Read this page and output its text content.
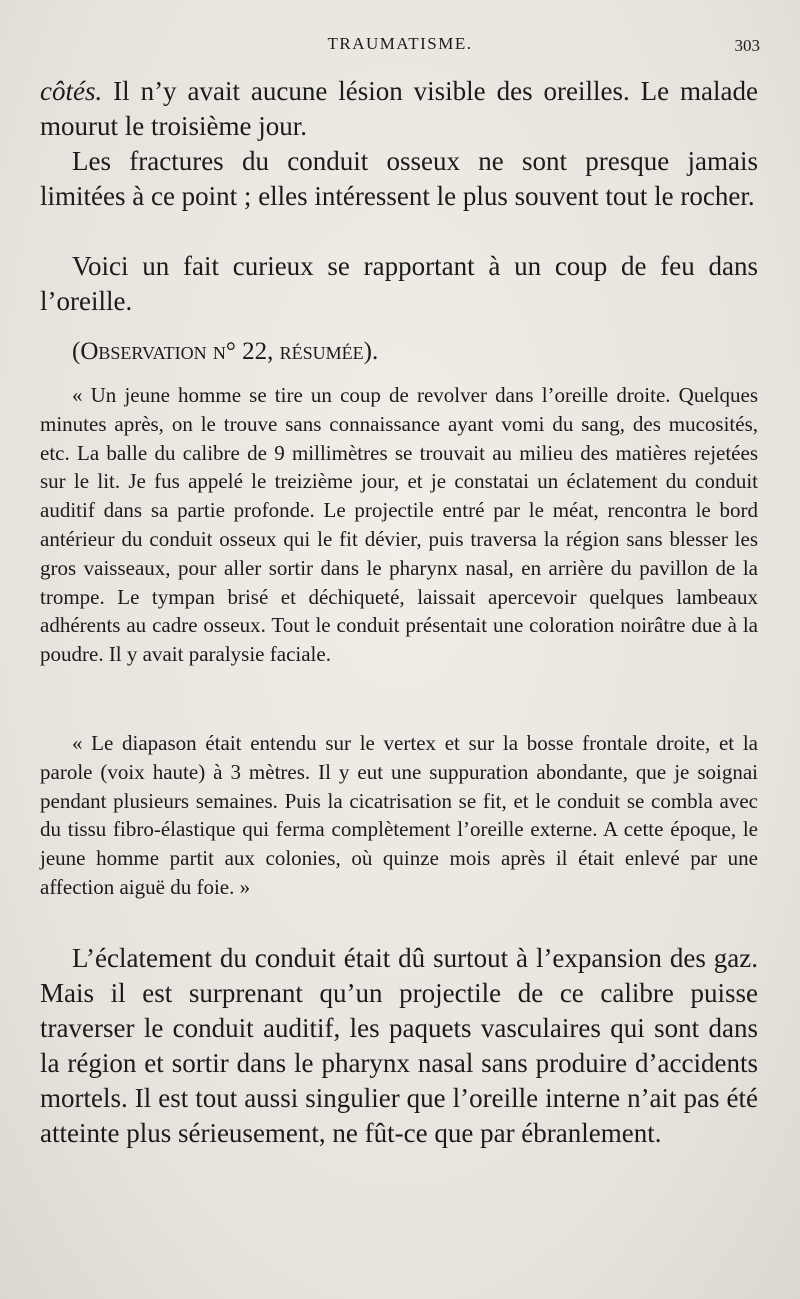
TRAUMATISME.	303

côtés. Il n’y avait aucune lésion visible des oreilles. Le malade mourut le troisième jour.

Les fractures du conduit osseux ne sont presque jamais limitées à ce point ; elles intéressent le plus souvent tout le rocher.

Voici un fait curieux se rapportant à un coup de feu dans l’oreille.

(Observation n° 22, résumée).

« Un jeune homme se tire un coup de revolver dans l’oreille droite. Quelques minutes après, on le trouve sans connaissance ayant vomi du sang, des mucosités, etc. La balle du calibre de 9 millimètres se trouvait au milieu des matières rejetées sur le lit. Je fus appelé le treizième jour, et je constatai un éclatement du conduit auditif dans sa partie profonde. Le projectile entré par le méat, rencontra le bord antérieur du conduit osseux qui le fit dévier, puis traversa la région sans blesser les gros vaisseaux, pour aller sortir dans le pharynx nasal, en arrière du pavillon de la trompe. Le tympan brisé et déchiqueté, laissait apercevoir quelques lambeaux adhérents au cadre osseux. Tout le conduit présentait une coloration noirâtre due à la poudre. Il y avait paralysie faciale.

« Le diapason était entendu sur le vertex et sur la bosse frontale droite, et la parole (voix haute) à 3 mètres. Il y eut une suppuration abondante, que je soignai pendant plusieurs semaines. Puis la cicatrisation se fit, et le conduit se combla avec du tissu fibro-élastique qui ferma complètement l’oreille externe. A cette époque, le jeune homme partit aux colonies, où quinze mois après il était enlevé par une affection aiguë du foie. »

L’éclatement du conduit était dû surtout à l’expansion des gaz. Mais il est surprenant qu’un projectile de ce calibre puisse traverser le conduit auditif, les paquets vasculaires qui sont dans la région et sortir dans le pharynx nasal sans produire d’accidents mortels. Il est tout aussi singulier que l’oreille interne n’ait pas été atteinte plus sérieusement, ne fût-ce que par ébranlement.
